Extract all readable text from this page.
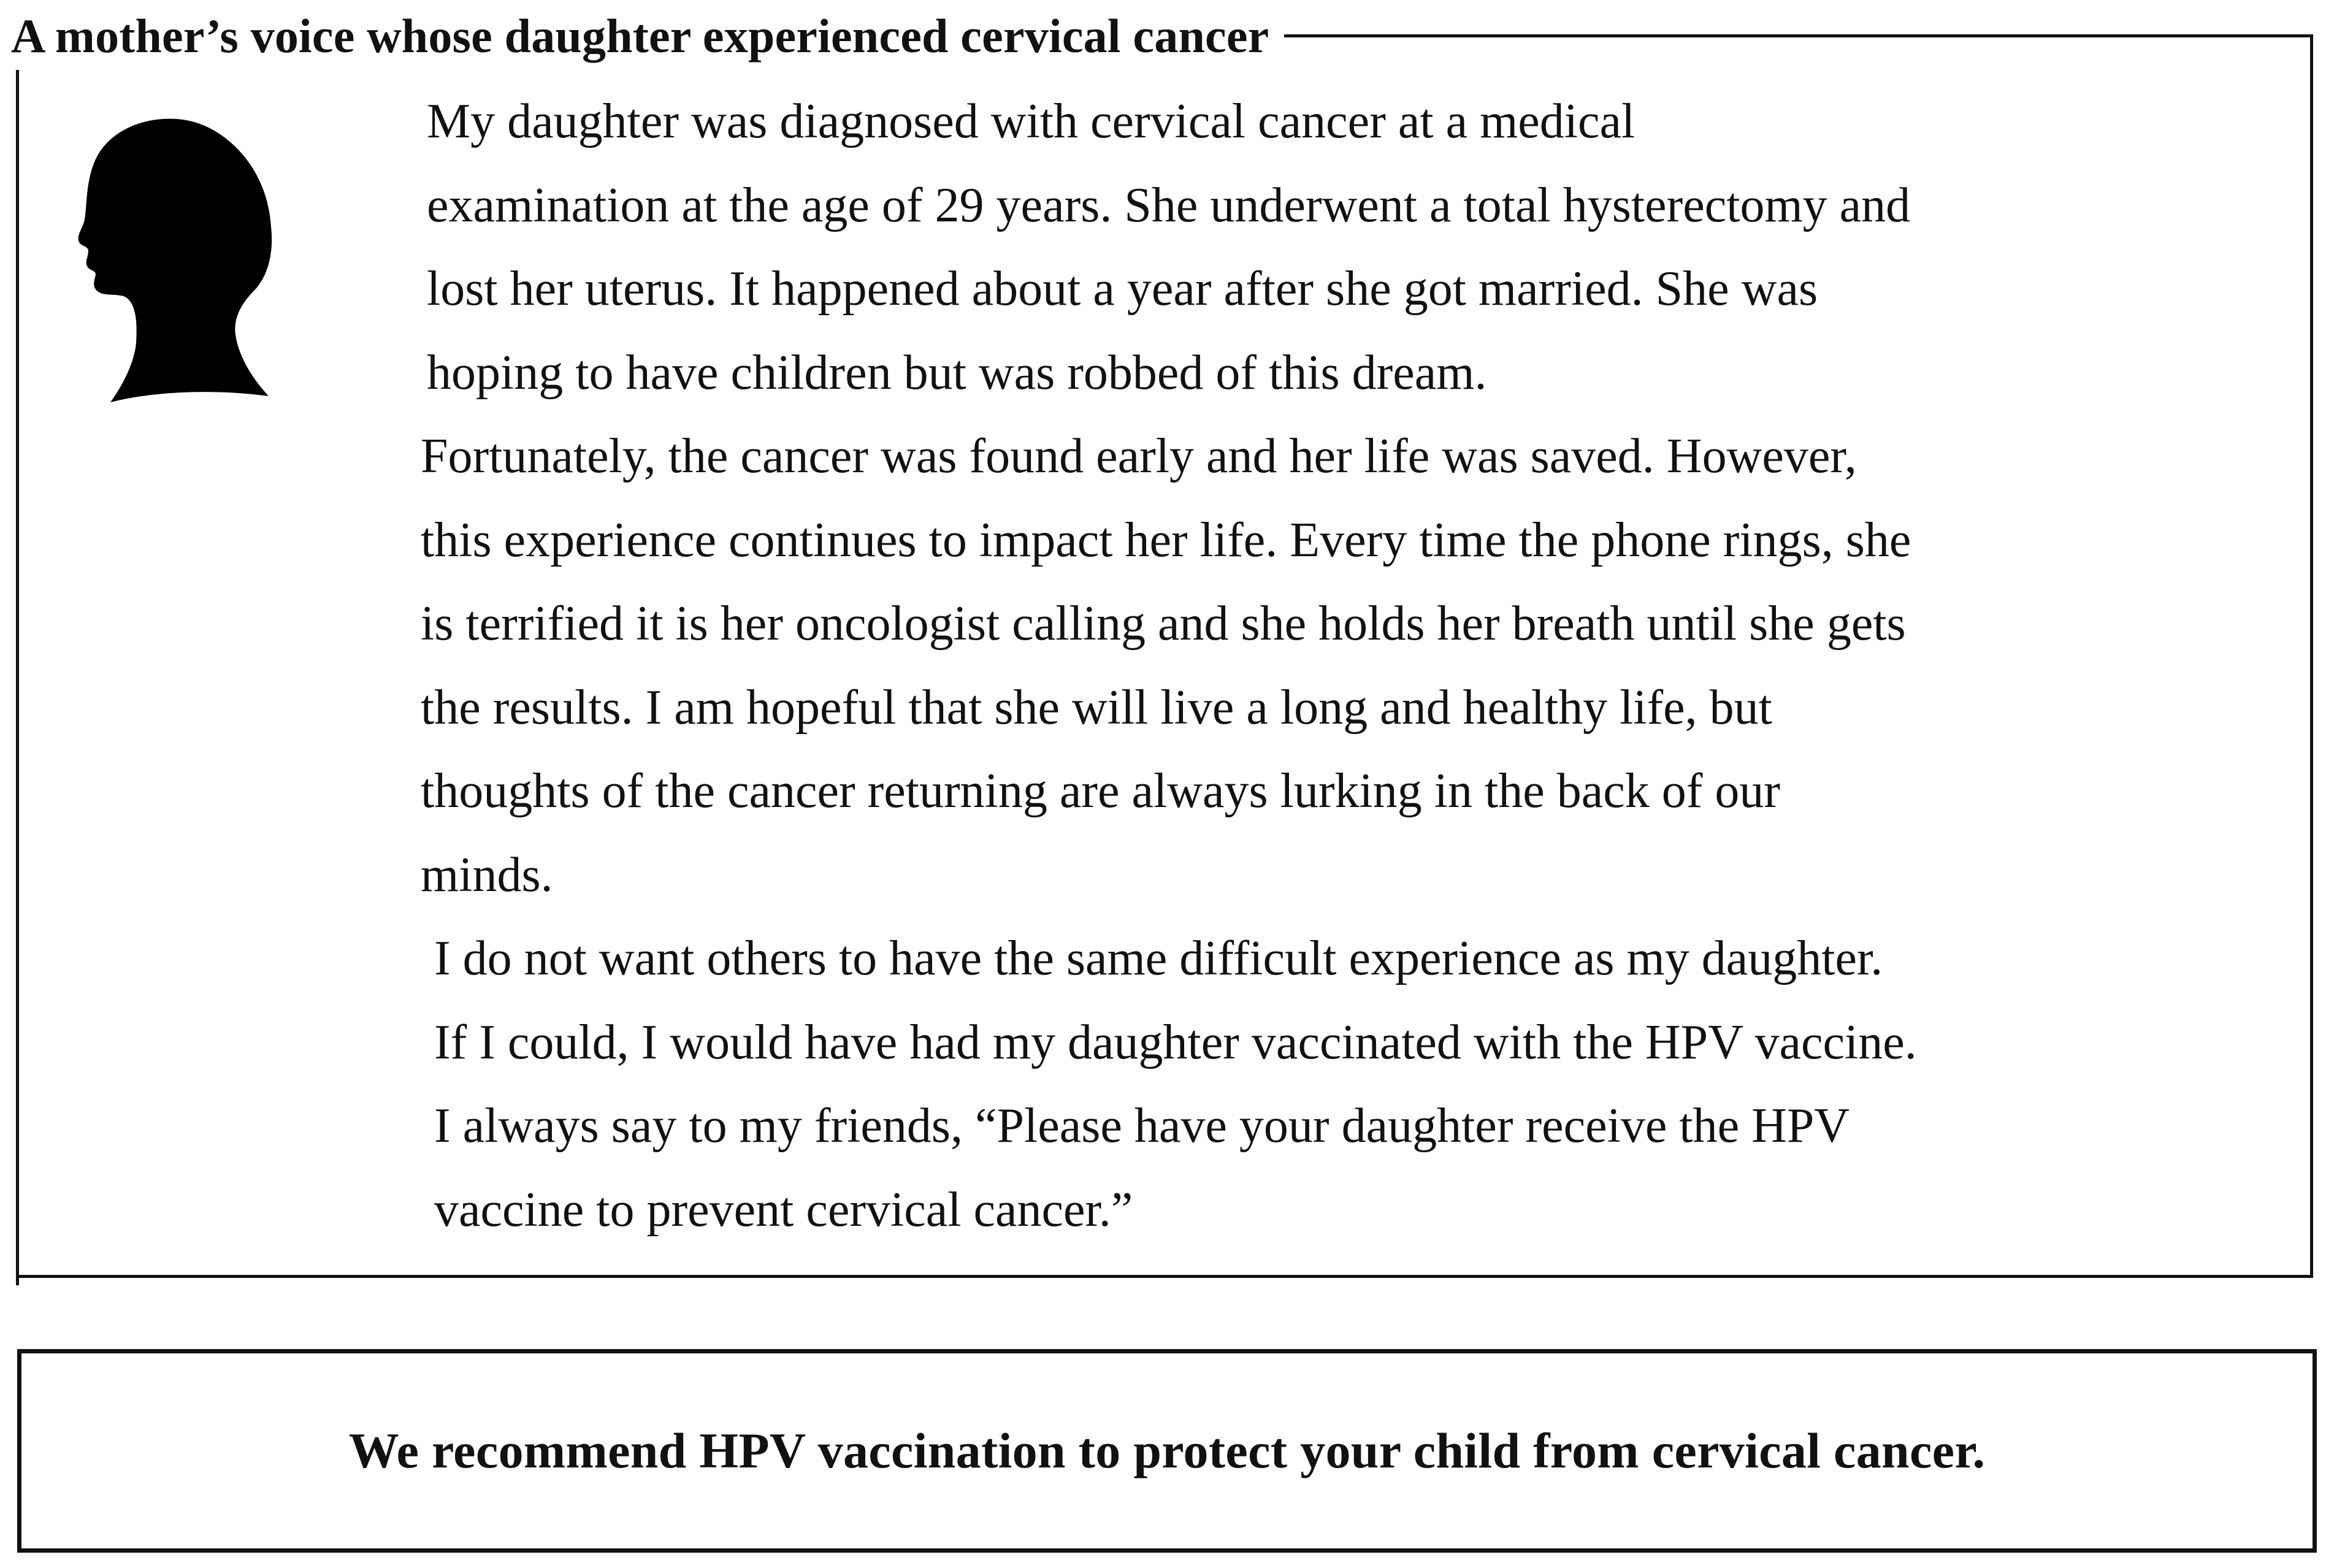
A mother’s voice whose daughter experienced cervical cancer

My daughter was diagnosed with cervical cancer at a medical
examination at the age of 29 years. She underwent a total hysterectomy and
lost her uterus. It happened about a year after she got married. She was
hoping to have children but was robbed of this dream.

Fortunately, the cancer was found early and her life was saved. However,
this experience continues to impact her life. Every time the phone rings, she
is terrified it is her oncologist calling and she holds her breath until she gets
the results. I am hopeful that she will live a long and healthy life, but
thoughts of the cancer returning are always lurking in the back of our
minds.

I do not want others to have the same difficult experience as my daughter.
If I could, I would have had my daughter vaccinated with the HPV vaccine.
I always say to my friends, “Please have your daughter receive the HPV
vaccine to prevent cervical cancer.”

We recommend HPV vaccination to protect your child from cervical cancer.
